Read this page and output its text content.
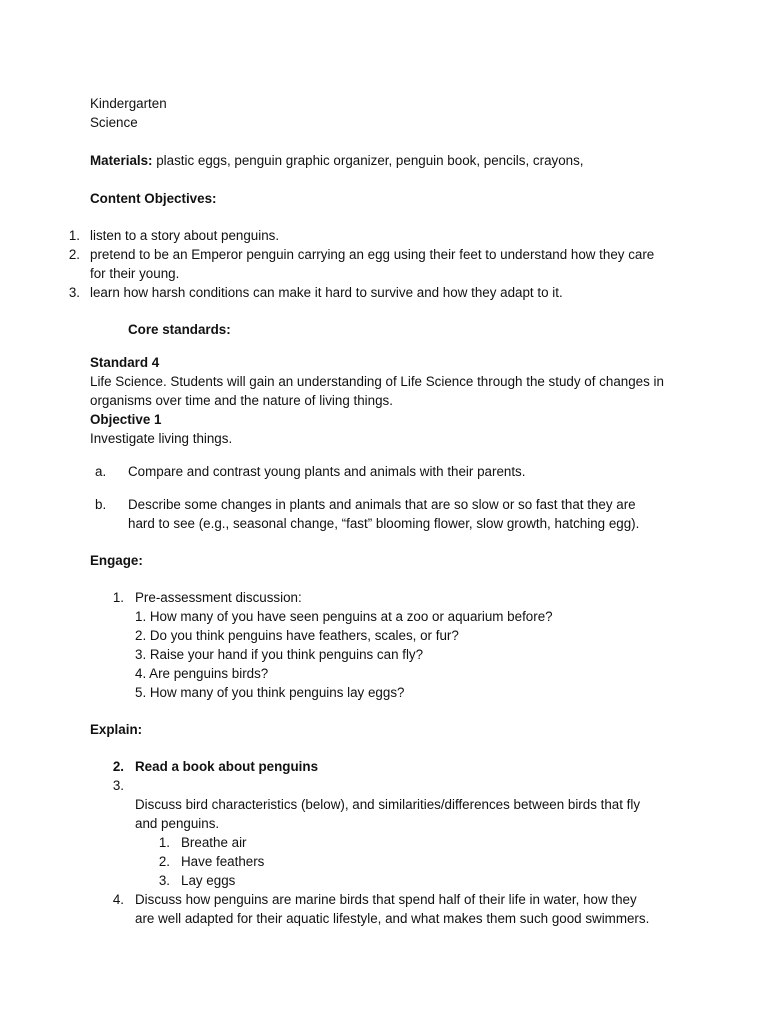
Kindergarten
Science
Materials: plastic eggs, penguin graphic organizer, penguin book, pencils, crayons,
Content Objectives:
1. listen to a story about penguins.
2. pretend to be an Emperor penguin carrying an egg using their feet to understand how they care
for their young.
3. learn how harsh conditions can make it hard to survive and how they adapt to it.
Core standards:
Standard 4
Life Science. Students will gain an understanding of Life Science through the study of changes in
organisms over time and the nature of living things.
Objective 1
Investigate living things.
a.	Compare and contrast young plants and animals with their parents.
b.	Describe some changes in plants and animals that are so slow or so fast that they are
hard to see (e.g., seasonal change, “fast” blooming flower, slow growth, hatching egg).
Engage:
1. Pre-assessment discussion:
1. How many of you have seen penguins at a zoo or aquarium before?
2. Do you think penguins have feathers, scales, or fur?
3. Raise your hand if you think penguins can fly?
4. Are penguins birds?
5. How many of you think penguins lay eggs?
Explain:
2. Read a book about penguins
3.
Discuss bird characteristics (below), and similarities/differences between birds that fly
and penguins.
1. Breathe air
2. Have feathers
3. Lay eggs
4. Discuss how penguins are marine birds that spend half of their life in water, how they
are well adapted for their aquatic lifestyle, and what makes them such good swimmers.
